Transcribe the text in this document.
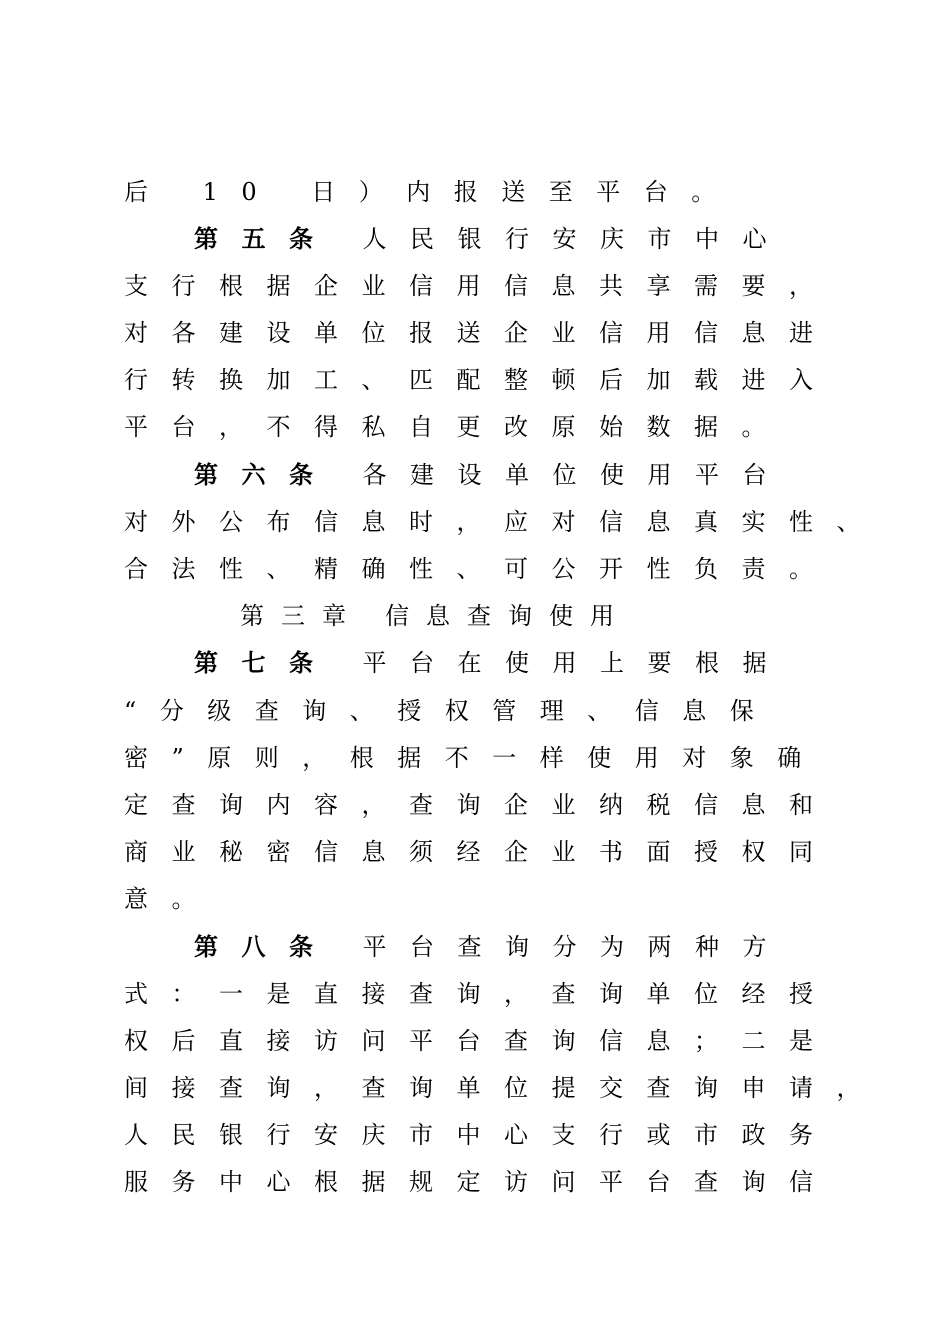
后 10 日）内报送至平台。
第五条 人民银行安庆市中心
支行根据企业信用信息共享需要，
对各建设单位报送企业信用信息进
行转换加工、匹配整顿后加载进入
平台，不得私自更改原始数据。
第六条 各建设单位使用平台
对外公布信息时，应对信息真实性、
合法性、精确性、可公开性负责。
第三章 信息查询使用
第七条 平台在使用上要根据
“分级查询、授权管理、信息保
密”原则，根据不一样使用对象确
定查询内容，查询企业纳税信息和
商业秘密信息须经企业书面授权同
意。
第八条 平台查询分为两种方
式：一是直接查询，查询单位经授
权后直接访问平台查询信息；二是
间接查询，查询单位提交查询申请，
人民银行安庆市中心支行或市政务
服务中心根据规定访问平台查询信
